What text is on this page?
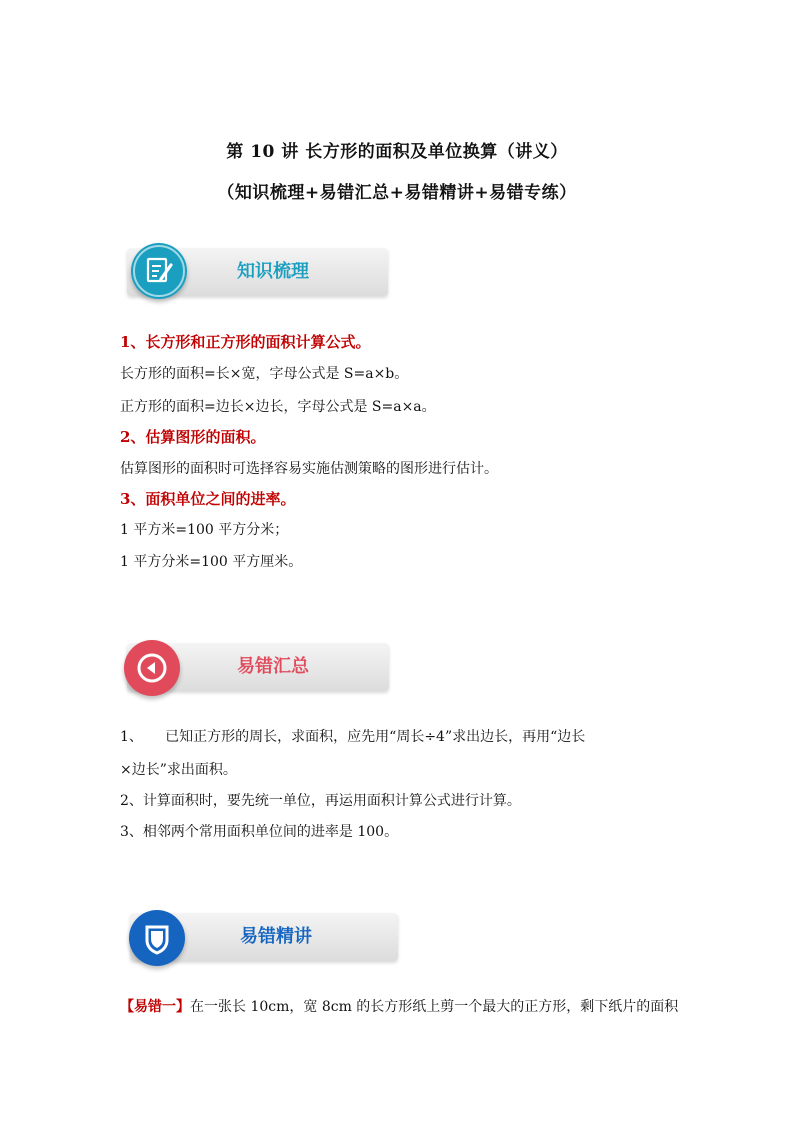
第 10 讲 长方形的面积及单位换算（讲义）
（知识梳理+易错汇总+易错精讲+易错专练）
知识梳理
1、长方形和正方形的面积计算公式。
长方形的面积=长×宽，字母公式是 S=a×b。
正方形的面积=边长×边长，字母公式是 S=a×a。
2、估算图形的面积。
估算图形的面积时可选择容易实施估测策略的图形进行估计。
3、面积单位之间的进率。
1 平方米=100 平方分米；
1 平方分米=100 平方厘米。
易错汇总
1、     已知正方形的周长，求面积，应先用“周长÷4”求出边长，再用“边长
×边长”求出面积。
2、计算面积时，要先统一单位，再运用面积计算公式进行计算。
3、相邻两个常用面积单位间的进率是 100。
易错精讲
【易错一】在一张长 10cm，宽 8cm 的长方形纸上剪一个最大的正方形，剩下纸片的面积
